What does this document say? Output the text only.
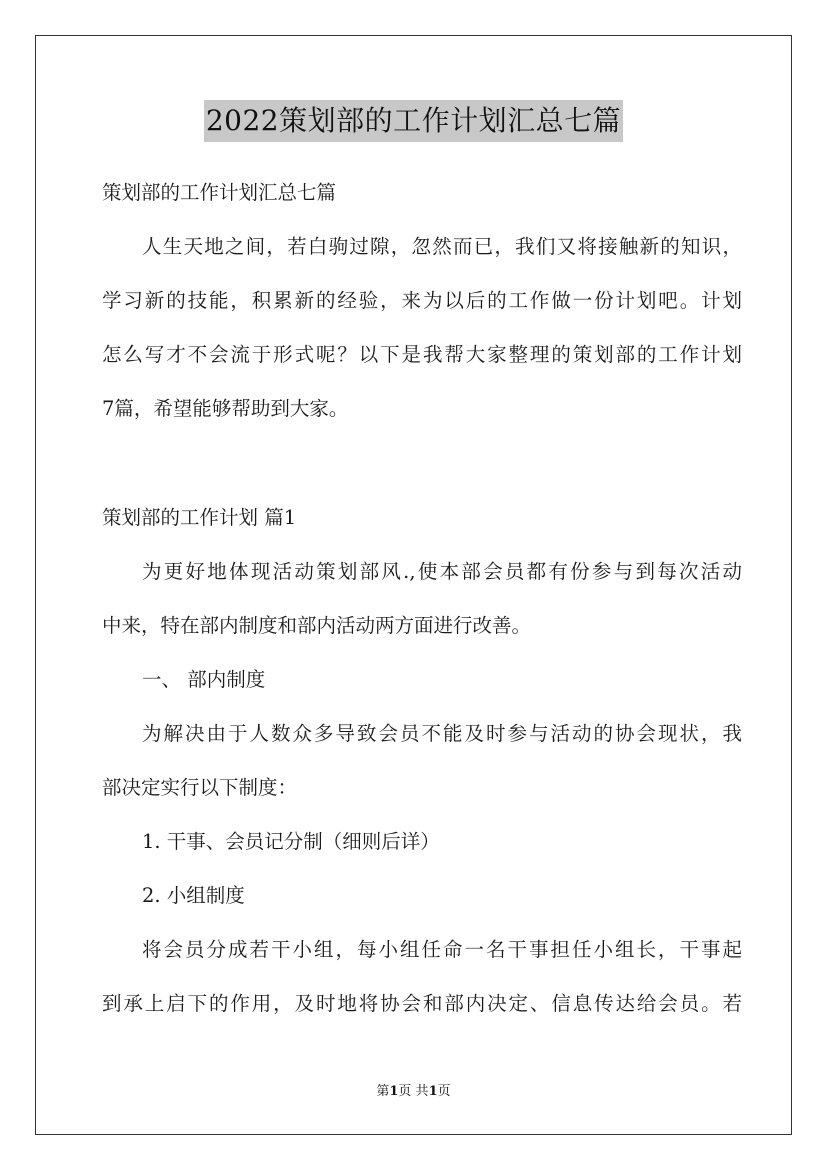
2022策划部的工作计划汇总七篇
策划部的工作计划汇总七篇
人生天地之间，若白驹过隙，忽然而已，我们又将接触新的知识，
学习新的技能，积累新的经验，来为以后的工作做一份计划吧。计划
怎么写才不会流于形式呢？以下是我帮大家整理的策划部的工作计划
7篇，希望能够帮助到大家。
策划部的工作计划 篇1
为更好地体现活动策划部风.,使本部会员都有份参与到每次活动
中来，特在部内制度和部内活动两方面进行改善。
一、 部内制度
为解决由于人数众多导致会员不能及时参与活动的协会现状，我
部决定实行以下制度：
1. 干事、会员记分制（细则后详）
2. 小组制度
将会员分成若干小组，每小组任命一名干事担任小组长，干事起
到承上启下的作用，及时地将协会和部内决定、信息传达给会员。若
第1页 共1页
